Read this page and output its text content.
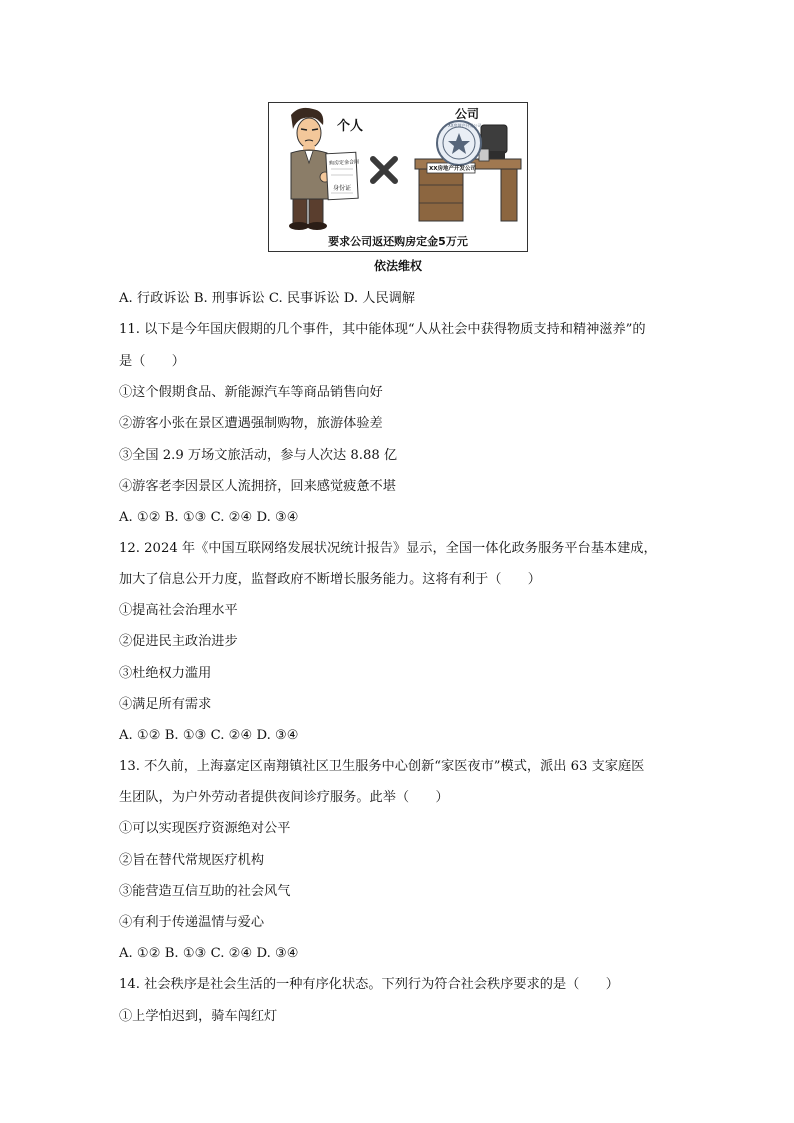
个人
公司
购房定金合同
身份证
XX房地产开发公司
XX房地产开发公司
要求公司返还购房定金5万元
依法维权
A. 行政诉讼 B. 刑事诉讼 C. 民事诉讼 D. 人民调解
11. 以下是今年国庆假期的几个事件，其中能体现“人从社会中获得物质支持和精神滋养”的
是（　　）
①这个假期食品、新能源汽车等商品销售向好
②游客小张在景区遭遇强制购物，旅游体验差
③全国 2.9 万场文旅活动，参与人次达 8.88 亿
④游客老李因景区人流拥挤，回来感觉疲惫不堪
A. ①② B. ①③ C. ②④ D. ③④
12. 2024 年《中国互联网络发展状况统计报告》显示，全国一体化政务服务平台基本建成，
加大了信息公开力度，监督政府不断增长服务能力。这将有利于（　　）
①提高社会治理水平
②促进民主政治进步
③杜绝权力滥用
④满足所有需求
A. ①② B. ①③ C. ②④ D. ③④
13. 不久前，上海嘉定区南翔镇社区卫生服务中心创新“家医夜市”模式，派出 63 支家庭医
生团队，为户外劳动者提供夜间诊疗服务。此举（　　）
①可以实现医疗资源绝对公平
②旨在替代常规医疗机构
③能营造互信互助的社会风气
④有利于传递温情与爱心
A. ①② B. ①③ C. ②④ D. ③④
14. 社会秩序是社会生活的一种有序化状态。下列行为符合社会秩序要求的是（　　）
①上学怕迟到，骑车闯红灯
